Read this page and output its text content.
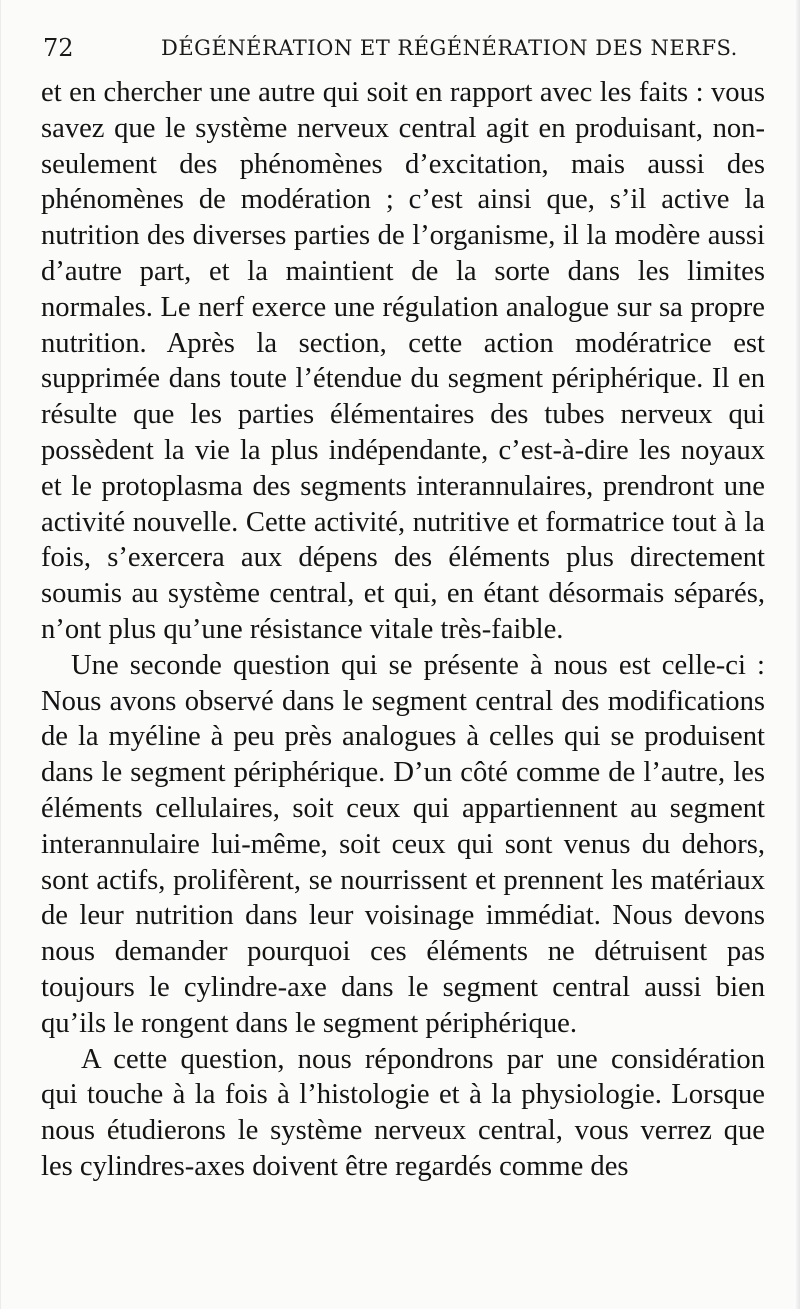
72	DÉGÉNÉRATION ET RÉGÉNÉRATION DES NERFS.

et en chercher une autre qui soit en rapport avec les faits : vous savez que le système nerveux central agit en produisant, non-seulement des phénomènes d’excitation, mais aussi des phénomènes de modération ; c’est ainsi que, s’il active la nutrition des diverses parties de l’organisme, il la modère aussi d’autre part, et la maintient de la sorte dans les limites normales. Le nerf exerce une régulation analogue sur sa propre nutrition. Après la section, cette action modératrice est supprimée dans toute l’étendue du segment périphérique. Il en résulte que les parties élémentaires des tubes nerveux qui possèdent la vie la plus indépendante, c’est-à-dire les noyaux et le protoplasma des segments interannulaires, prendront une activité nouvelle. Cette activité, nutritive et formatrice tout à la fois, s’exercera aux dépens des éléments plus directement soumis au système central, et qui, en étant désormais séparés, n’ont plus qu’une résistance vitale très-faible.

Une seconde question qui se présente à nous est celle-ci : Nous avons observé dans le segment central des modifications de la myéline à peu près analogues à celles qui se produisent dans le segment périphérique. D’un côté comme de l’autre, les éléments cellulaires, soit ceux qui appartiennent au segment interannulaire lui-même, soit ceux qui sont venus du dehors, sont actifs, prolifèrent, se nourrissent et prennent les matériaux de leur nutrition dans leur voisinage immédiat. Nous devons nous demander pourquoi ces éléments ne détruisent pas toujours le cylindre-axe dans le segment central aussi bien qu’ils le rongent dans le segment périphérique.

A cette question, nous répondrons par une considération qui touche à la fois à l’histologie et à la physiologie. Lorsque nous étudierons le système nerveux central, vous verrez que les cylindres-axes doivent être regardés comme des
